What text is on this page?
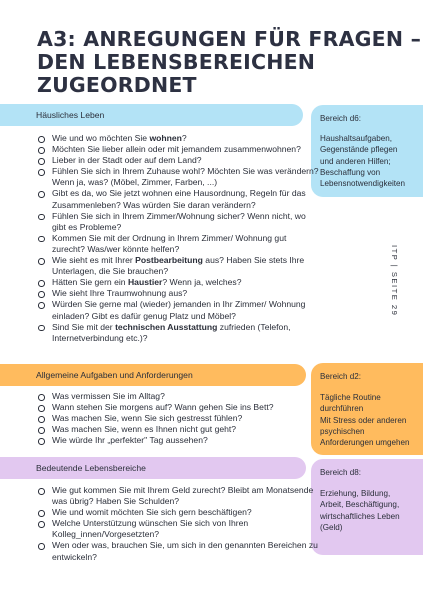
A3: ANREGUNGEN FÜR FRAGEN –
DEN LEBENSBEREICHEN
ZUGEORDNET
Häusliches Leben	Bereich d6:

Haushaltsaufgaben,
Gegenstände pflegen
und anderen Hilfen;
Beschaffung von
Lebensnotwendigkeiten

Wie und wo möchten Sie wohnen?
Möchten Sie lieber allein oder mit jemandem zusammenwohnen?
Lieber in der Stadt oder auf dem Land?
Fühlen Sie sich in Ihrem Zuhause wohl? Möchten Sie was verändern?
Wenn ja, was? (Möbel, Zimmer, Farben, ...)
Gibt es da, wo Sie jetzt wohnen eine Hausordnung, Regeln für das
Zusammenleben? Was würden Sie daran verändern?
Fühlen Sie sich in Ihrem Zimmer/Wohnung sicher? Wenn nicht, wo
gibt es Probleme?
Kommen Sie mit der Ordnung in Ihrem Zimmer/ Wohnung gut
zurecht? Was/wer könnte helfen?
Wie sieht es mit Ihrer Postbearbeitung aus? Haben Sie stets Ihre
Unterlagen, die Sie brauchen?
Hätten Sie gern ein Haustier? Wenn ja, welches?
Wie sieht Ihre Traumwohnung aus?
Würden Sie gerne mal (wieder) jemanden in Ihr Zimmer/ Wohnung
einladen? Gibt es dafür genug Platz und Möbel?
Sind Sie mit der technischen Ausstattung zufrieden (Telefon,
Internetverbindung etc.)?
Allgemeine Aufgaben und Anforderungen	Bereich d2:

Tägliche Routine
durchführen
Mit Stress oder anderen
psychischen
Anforderungen umgehen

Was vermissen Sie im Alltag?
Wann stehen Sie morgens auf? Wann gehen Sie ins Bett?
Was machen Sie, wenn Sie sich gestresst fühlen?
Was machen Sie, wenn es Ihnen nicht gut geht?
Wie würde Ihr „perfekter" Tag aussehen?
Bedeutende Lebensbereiche	Bereich d8:

Erziehung, Bildung,
Arbeit, Beschäftigung,
wirtschaftliches Leben
(Geld)

Wie gut kommen Sie mit Ihrem Geld zurecht? Bleibt am Monatsende
was übrig? Haben Sie Schulden?
Wie und womit möchten Sie sich gern beschäftigen?
Welche Unterstützung wünschen Sie sich von Ihren
Kolleg_innen/Vorgesetzten?
Wen oder was, brauchen Sie, um sich in den genannten Bereichen zu
entwickeln?
ITP | SEITE 29
